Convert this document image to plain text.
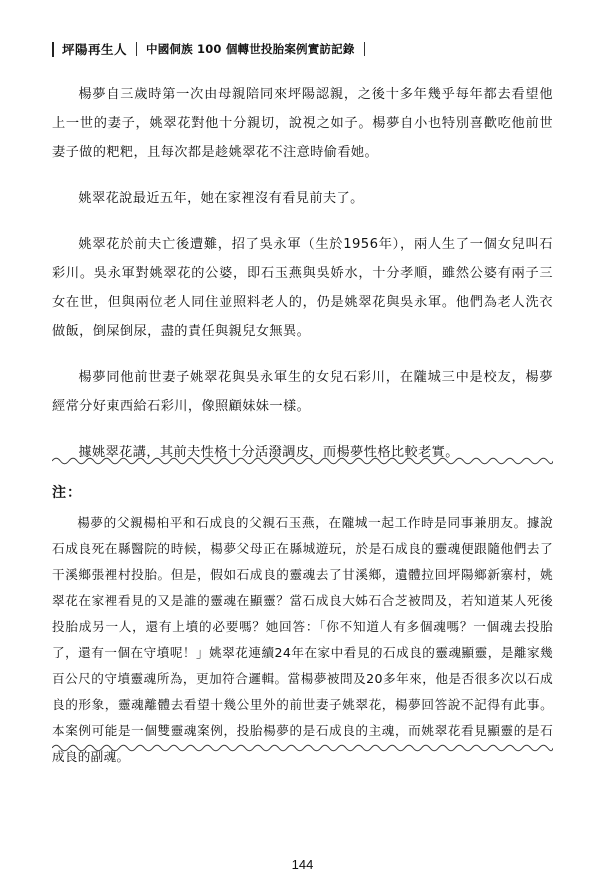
坪陽再生人 中國侗族 100 個轉世投胎案例實訪記錄

楊夢自三歲時第一次由母親陪同來坪陽認親，之後十多年幾乎每年都去看望他上一世的妻子，姚翠花對他十分親切，說視之如子。楊夢自小也特別喜歡吃他前世妻子做的粑粑，且每次都是趁姚翠花不注意時偷看她。

姚翠花說最近五年，她在家裡沒有看見前夫了。

姚翠花於前夫亡後遭難，招了吳永軍（生於1956年），兩人生了一個女兒叫石彩川。吳永軍對姚翠花的公婆，即石玉燕與吳娇水，十分孝順，雖然公婆有兩子三女在世，但與兩位老人同住並照料老人的，仍是姚翠花與吳永軍。他們為老人洗衣做飯，倒屎倒尿，盡的責任與親兒女無異。

楊夢同他前世妻子姚翠花與吳永軍生的女兒石彩川，在隴城三中是校友，楊夢經常分好東西給石彩川，像照顧妹妹一樣。

據姚翠花講，其前夫性格十分活潑調皮，而楊夢性格比較老實。

注：

楊夢的父親楊桕平和石成良的父親石玉燕，在隴城一起工作時是同事兼朋友。據說石成良死在縣醫院的時候，楊夢父母正在縣城遊玩，於是石成良的靈魂便跟隨他們去了干溪鄉張裡村投胎。但是，假如石成良的靈魂去了甘溪鄉，遺體拉回坪陽鄉新寨村，姚翠花在家裡看見的又是誰的靈魂在顯靈？當石成良大姊石合芝被問及，若知道某人死後投胎成另一人，還有上墳的必要嗎？她回答：「你不知道人有多個魂嗎？一個魂去投胎了，還有一個在守墳呢！」姚翠花連續24年在家中看見的石成良的靈魂顯靈，是離家幾百公尺的守墳靈魂所為，更加符合邏輯。當楊夢被問及20多年來，他是否很多次以石成良的形象，靈魂離體去看望十幾公里外的前世妻子姚翠花，楊夢回答說不記得有此事。本案例可能是一個雙靈魂案例，投胎楊夢的是石成良的主魂，而姚翠花看見顯靈的是石成良的副魂。

144
